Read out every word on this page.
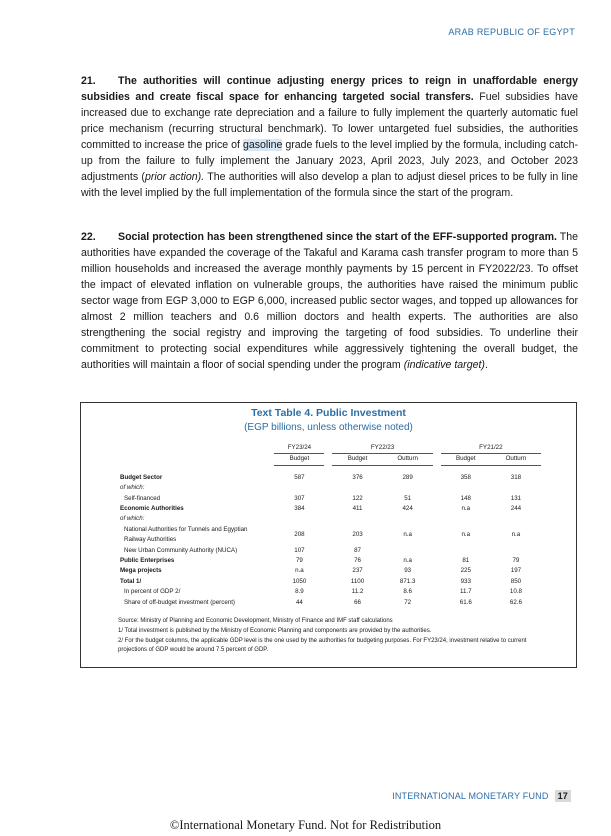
ARAB REPUBLIC OF EGYPT
21. The authorities will continue adjusting energy prices to reign in unaffordable energy subsidies and create fiscal space for enhancing targeted social transfers. Fuel subsidies have increased due to exchange rate depreciation and a failure to fully implement the quarterly automatic fuel price mechanism (recurring structural benchmark). To lower untargeted fuel subsidies, the authorities committed to increase the price of gasoline grade fuels to the level implied by the formula, including catch-up from the failure to fully implement the January 2023, April 2023, July 2023, and October 2023 adjustments (prior action). The authorities will also develop a plan to adjust diesel prices to be fully in line with the level implied by the full implementation of the formula since the start of the program.
22. Social protection has been strengthened since the start of the EFF-supported program. The authorities have expanded the coverage of the Takaful and Karama cash transfer program to more than 5 million households and increased the average monthly payments by 15 percent in FY2022/23. To offset the impact of elevated inflation on vulnerable groups, the authorities have raised the minimum public sector wage from EGP 3,000 to EGP 6,000, increased public sector wages, and topped up allowances for almost 2 million teachers and 0.6 million doctors and health experts. The authorities are also strengthening the social registry and improving the targeting of food subsidies. To underline their commitment to protecting social expenditures while aggressively tightening the overall budget, the authorities will maintain a floor of social spending under the program (indicative target).
Text Table 4. Public Investment
(EGP billions, unless otherwise noted)
	FY23/24		FY22/23			FY21/22	
	Budget		Budget	Outturn		Budget	Outturn

Budget Sector	587		376	289		358	318
of which:							
Self-financed	307		122	51		148	131
Economic Authorities	384		411	424		n.a	244
of which:							
National Authorities for Tunnels and Egyptian
Railway Authorities	208		203	n.a		n.a	n.a
New Urban Community Authority (NUCA)	107		87				
Public Enterprises	79		76	n.a		81	79
Mega projects	n.a		237	93		225	197
Total 1/	1050		1100	871.3		933	850
In percent of GDP 2/	8.9		11.2	8.6		11.7	10.8
Share of off-budget investment (percent)	44		66	72		61.6	62.6
Source: Ministry of Planning and Economic Development, Ministry of Finance and IMF staff calculations
1/ Total investment is published by the Ministry of Economic Planning and components are provided by the authorities.
2/ For the budget columns, the applicable GDP level is the one used by the authorities for budgeting purposes. For FY23/24, investment relative to current projections of GDP would be around 7.5 percent of GDP.
INTERNATIONAL MONETARY FUND 17
©International Monetary Fund. Not for Redistribution
